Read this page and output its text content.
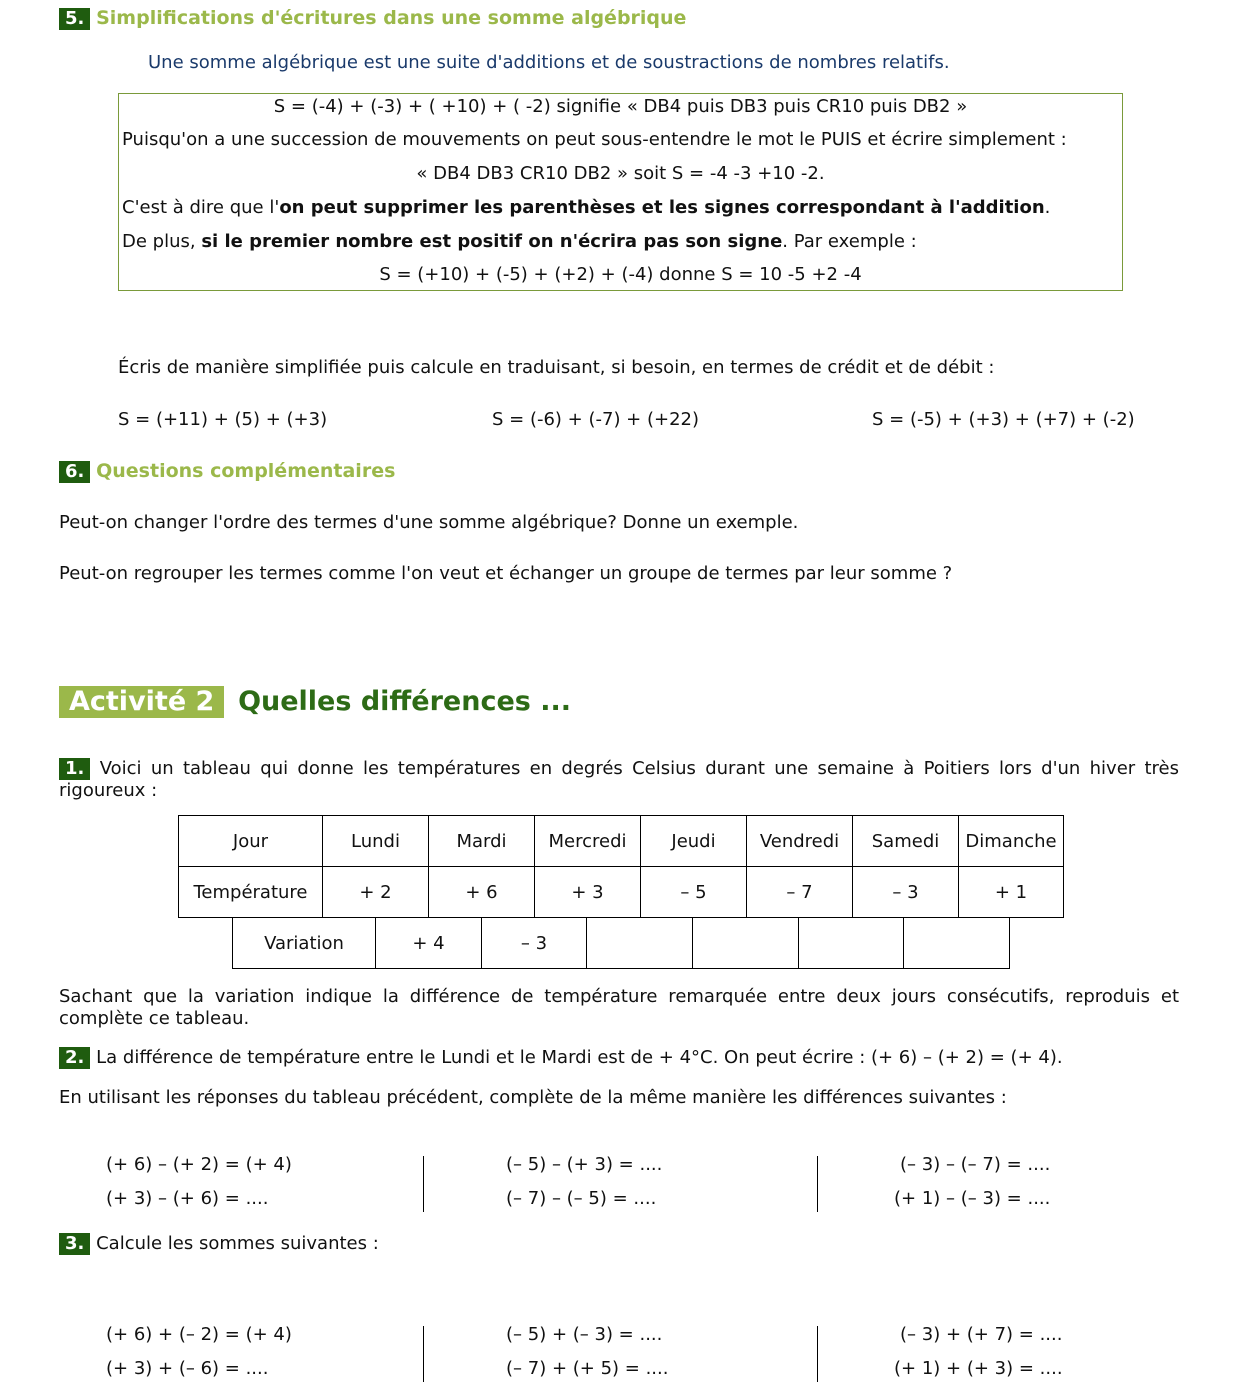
5. Simplifications d'écritures dans une somme algébrique
Une somme algébrique est une suite d'additions et de soustractions de nombres relatifs.
S = (-4) + (-3) + ( +10) + ( -2) signifie « DB4 puis DB3 puis CR10 puis DB2 »
Puisqu'on a une succession de mouvements on peut sous-entendre le mot le PUIS et écrire simplement :
« DB4 DB3 CR10 DB2 » soit S = -4 -3 +10 -2.
C'est à dire que l'on peut supprimer les parenthèses et les signes correspondant à l'addition.
De plus, si le premier nombre est positif on n'écrira pas son signe. Par exemple :
S = (+10) + (-5) + (+2) + (-4) donne S = 10 -5 +2 -4
Écris de manière simplifiée puis calcule en traduisant, si besoin, en termes de crédit et de débit :
S = (+11) + (5) + (+3)	S = (-6) + (-7) + (+22)	S = (-5) + (+3) + (+7) + (-2)
6. Questions complémentaires
Peut-on changer l'ordre des termes d'une somme algébrique? Donne un exemple.
Peut-on regrouper les termes comme l'on veut et échanger un groupe de termes par leur somme ?
Activité 2 Quelles différences ...
1. Voici un tableau qui donne les températures en degrés Celsius durant une semaine à Poitiers lors d'un hiver très
rigoureux :
Jour	Lundi	Mardi	Mercredi	Jeudi	Vendredi	Samedi	Dimanche
Température	+ 2	+ 6	+ 3	– 5	– 7	– 3	+ 1
Variation	+ 4	– 3				
Sachant que la variation indique la différence de température remarquée entre deux jours consécutifs, reproduis et
complète ce tableau.
2. La différence de température entre le Lundi et le Mardi est de + 4°C. On peut écrire : (+ 6) – (+ 2) = (+ 4).
En utilisant les réponses du tableau précédent, complète de la même manière les différences suivantes :
(+ 6) – (+ 2) = (+ 4)
(+ 3) – (+ 6) = ....
(– 5) – (+ 3) = ....
(– 7) – (– 5) = ....
(– 3) – (– 7) = ....
(+ 1) – (– 3) = ....
3. Calcule les sommes suivantes :
(+ 6) + (– 2) = (+ 4)
(+ 3) + (– 6) = ....
(– 5) + (– 3) = ....
(– 7) + (+ 5) = ....
(– 3) + (+ 7) = ....
(+ 1) + (+ 3) = ....
